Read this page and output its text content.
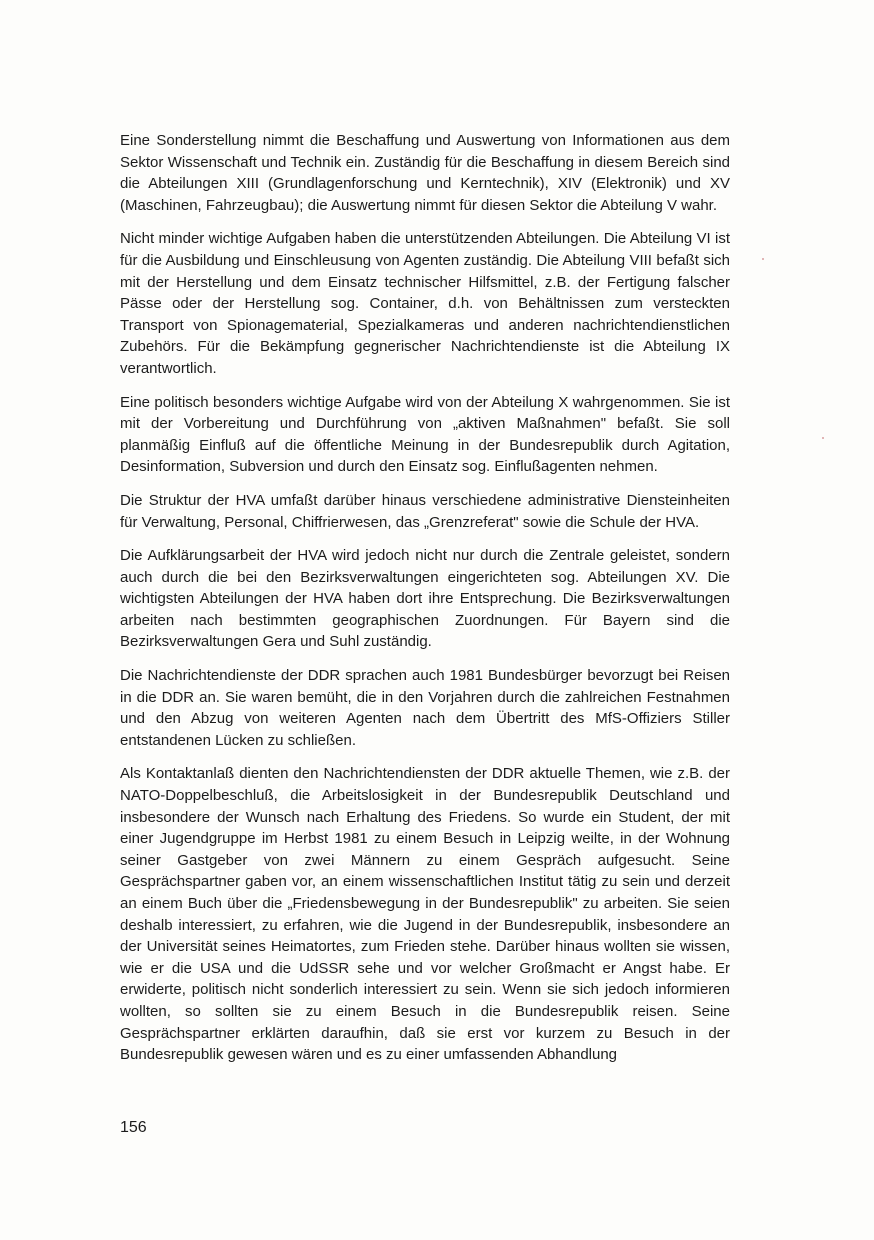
Eine Sonderstellung nimmt die Beschaffung und Auswertung von Informationen aus dem Sektor Wissenschaft und Technik ein. Zuständig für die Beschaffung in diesem Bereich sind die Abteilungen XIII (Grundlagenforschung und Kerntechnik), XIV (Elektronik) und XV (Maschinen, Fahrzeugbau); die Auswertung nimmt für diesen Sektor die Abteilung V wahr.

Nicht minder wichtige Aufgaben haben die unterstützenden Abteilungen. Die Abteilung VI ist für die Ausbildung und Einschleusung von Agenten zuständig. Die Abteilung VIII befaßt sich mit der Herstellung und dem Einsatz technischer Hilfsmittel, z.B. der Fertigung falscher Pässe oder der Herstellung sog. Container, d.h. von Behältnissen zum versteckten Transport von Spionagematerial, Spezialkameras und anderen nachrichtendienstlichen Zubehörs. Für die Bekämpfung gegnerischer Nachrichtendienste ist die Abteilung IX verantwortlich.

Eine politisch besonders wichtige Aufgabe wird von der Abteilung X wahrgenommen. Sie ist mit der Vorbereitung und Durchführung von „aktiven Maßnahmen" befaßt. Sie soll planmäßig Einfluß auf die öffentliche Meinung in der Bundesrepublik durch Agitation, Desinformation, Subversion und durch den Einsatz sog. Einflußagenten nehmen.

Die Struktur der HVA umfaßt darüber hinaus verschiedene administrative Diensteinheiten für Verwaltung, Personal, Chiffrierwesen, das „Grenzreferat" sowie die Schule der HVA.

Die Aufklärungsarbeit der HVA wird jedoch nicht nur durch die Zentrale geleistet, sondern auch durch die bei den Bezirksverwaltungen eingerichteten sog. Abteilungen XV. Die wichtigsten Abteilungen der HVA haben dort ihre Entsprechung. Die Bezirksverwaltungen arbeiten nach bestimmten geographischen Zuordnungen. Für Bayern sind die Bezirksverwaltungen Gera und Suhl zuständig.

Die Nachrichtendienste der DDR sprachen auch 1981 Bundesbürger bevorzugt bei Reisen in die DDR an. Sie waren bemüht, die in den Vorjahren durch die zahlreichen Festnahmen und den Abzug von weiteren Agenten nach dem Übertritt des MfS-Offiziers Stiller entstandenen Lücken zu schließen.

Als Kontaktanlaß dienten den Nachrichtendiensten der DDR aktuelle Themen, wie z.B. der NATO-Doppelbeschluß, die Arbeitslosigkeit in der Bundesrepublik Deutschland und insbesondere der Wunsch nach Erhaltung des Friedens. So wurde ein Student, der mit einer Jugendgruppe im Herbst 1981 zu einem Besuch in Leipzig weilte, in der Wohnung seiner Gastgeber von zwei Männern zu einem Gespräch aufgesucht. Seine Gesprächspartner gaben vor, an einem wissenschaftlichen Institut tätig zu sein und derzeit an einem Buch über die „Friedensbewegung in der Bundesrepublik" zu arbeiten. Sie seien deshalb interessiert, zu erfahren, wie die Jugend in der Bundesrepublik, insbesondere an der Universität seines Heimatortes, zum Frieden stehe. Darüber hinaus wollten sie wissen, wie er die USA und die UdSSR sehe und vor welcher Großmacht er Angst habe. Er erwiderte, politisch nicht sonderlich interessiert zu sein. Wenn sie sich jedoch informieren wollten, so sollten sie zu einem Besuch in die Bundesrepublik reisen. Seine Gesprächspartner erklärten daraufhin, daß sie erst vor kurzem zu Besuch in der Bundesrepublik gewesen wären und es zu einer umfassenden Abhandlung

156
